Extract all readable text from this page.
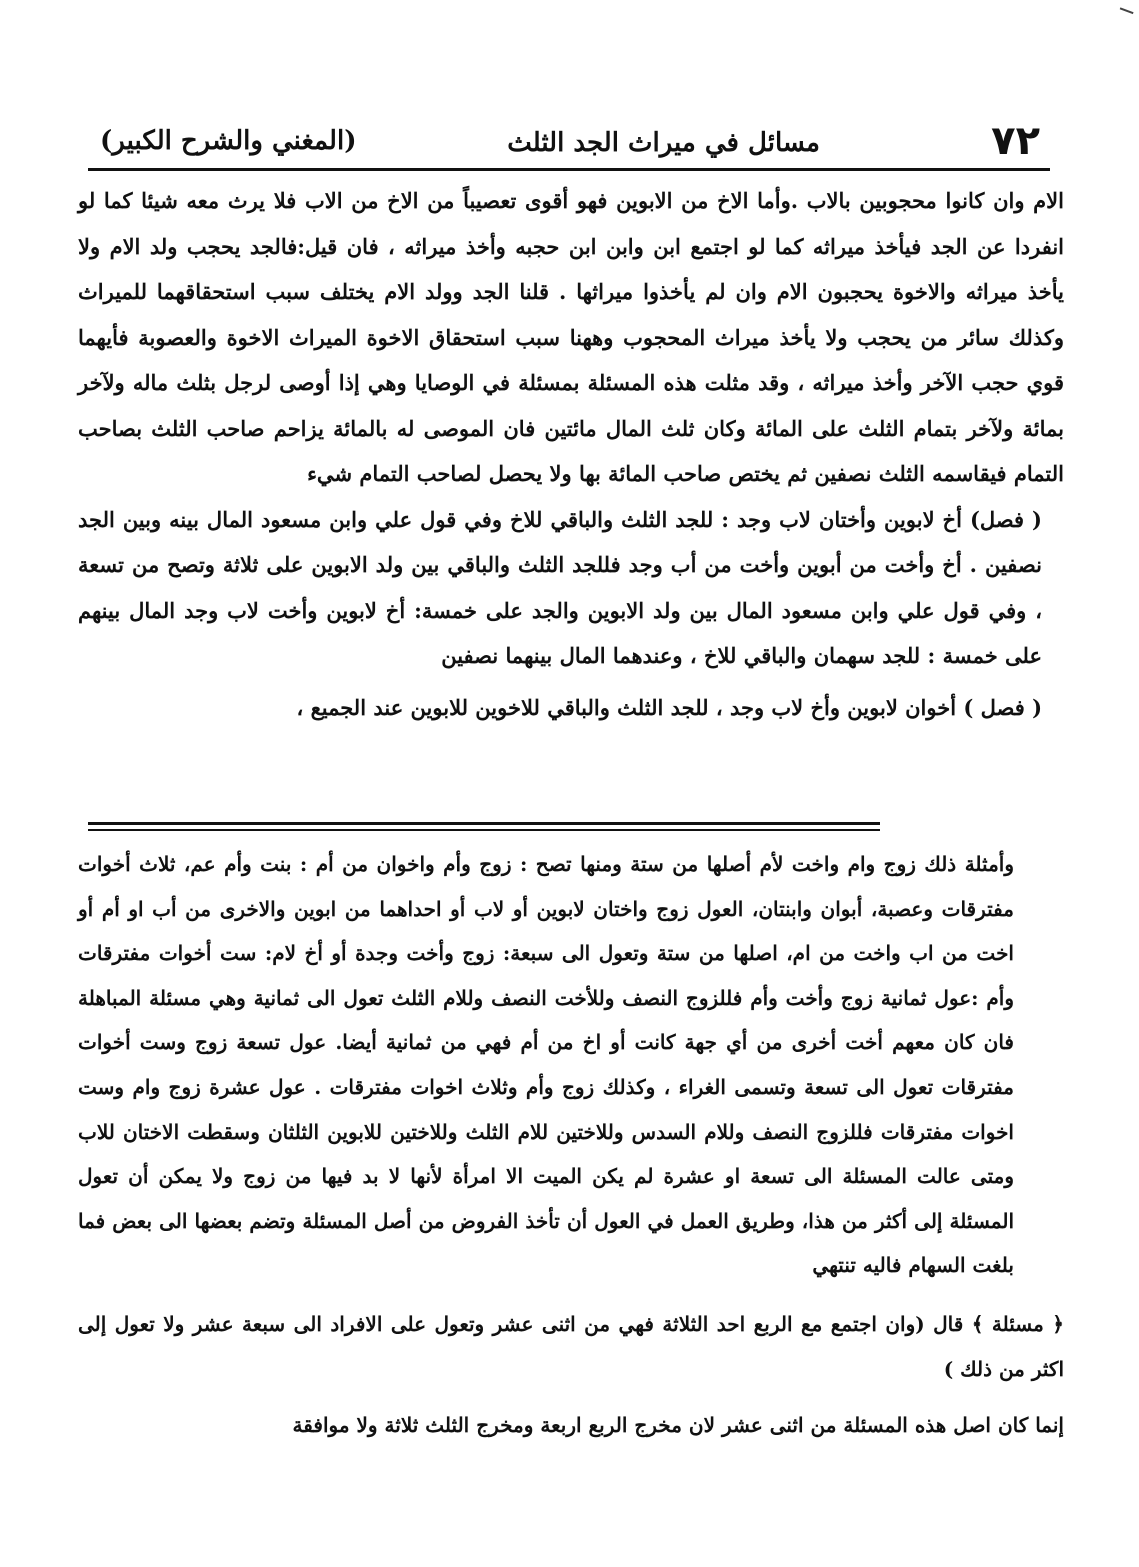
٧٢
مسائل في ميراث الجد الثلث
(المغني والشرح الكبير)

الام وان كانوا محجوبين بالاب .وأما الاخ من الابوين فهو أقوى تعصيباً من الاخ من الاب فلا يرث معه شيئا كما لو انفردا عن الجد فيأخذ ميراثه كما لو اجتمع ابن وابن ابن حجبه وأخذ ميراثه ، فان قيل:فالجد يحجب ولد الام ولا يأخذ ميراثه والاخوة يحجبون الام وان لم يأخذوا ميراثها . قلنا الجد وولد الام يختلف سبب استحقاقهما للميراث وكذلك سائر من يحجب ولا يأخذ ميراث المحجوب وههنا سبب استحقاق الاخوة الميراث الاخوة والعصوبة فأيهما قوي حجب الآخر وأخذ ميراثه ، وقد مثلت هذه المسئلة بمسئلة في الوصايا وهي إذا أوصى لرجل بثلث ماله ولآخر بمائة ولآخر بتمام الثلث على المائة وكان ثلث المال مائتين فان الموصى له بالمائة يزاحم صاحب الثلث بصاحب التمام فيقاسمه الثلث نصفين ثم يختص صاحب المائة بها ولا يحصل لصاحب التمام شيء

( فصل) أخ لابوين وأختان لاب وجد : للجد الثلث والباقي للاخ وفي قول علي وابن مسعود المال بينه وبين الجد نصفين . أخ وأخت من أبوين وأخت من أب وجد فللجد الثلث والباقي بين ولد الابوين على ثلاثة وتصح من تسعة ، وفي قول علي وابن مسعود المال بين ولد الابوين والجد على خمسة: أخ لابوين وأخت لاب وجد المال بينهم على خمسة : للجد سهمان والباقي للاخ ، وعندهما المال بينهما نصفين

( فصل ) أخوان لابوين وأخ لاب وجد ، للجد الثلث والباقي للاخوين للابوين عند الجميع ،

وأمثلة ذلك زوج وام واخت لأم أصلها من ستة ومنها تصح : زوج وأم واخوان من أم : بنت وأم عم، ثلاث أخوات مفترقات وعصبة، أبوان وابنتان، العول زوج واختان لابوين أو لاب أو احداهما من ابوين والاخرى من أب او أم أو اخت من اب واخت من ام، اصلها من ستة وتعول الى سبعة: زوج وأخت وجدة أو أخ لام: ست أخوات مفترقات وأم :عول ثمانية زوج وأخت وأم فللزوج النصف وللأخت النصف وللام الثلث تعول الى ثمانية وهي مسئلة المباهلة فان كان معهم أخت أخرى من أي جهة كانت أو اخ من أم فهي من ثمانية أيضا. عول تسعة زوج وست أخوات مفترقات تعول الى تسعة وتسمى الغراء ، وكذلك زوج وأم وثلاث اخوات مفترقات . عول عشرة زوج وام وست اخوات مفترقات فللزوج النصف وللام السدس وللاختين للام الثلث وللاختين للابوين الثلثان وسقطت الاختان للاب ومتى عالت المسئلة الى تسعة او عشرة لم يكن الميت الا امرأة لأنها لا بد فيها من زوج ولا يمكن أن تعول المسئلة إلى أكثر من هذا، وطريق العمل في العول أن تأخذ الفروض من أصل المسئلة وتضم بعضها الى بعض فما بلغت السهام فاليه تنتهي

﴿ مسئلة ﴾ قال (وان اجتمع مع الربع احد الثلاثة فهي من اثنى عشر وتعول على الافراد الى سبعة عشر ولا تعول إلى اكثر من ذلك )

إنما كان اصل هذه المسئلة من اثنى عشر لان مخرج الربع اربعة ومخرج الثلث ثلاثة ولا موافقة
